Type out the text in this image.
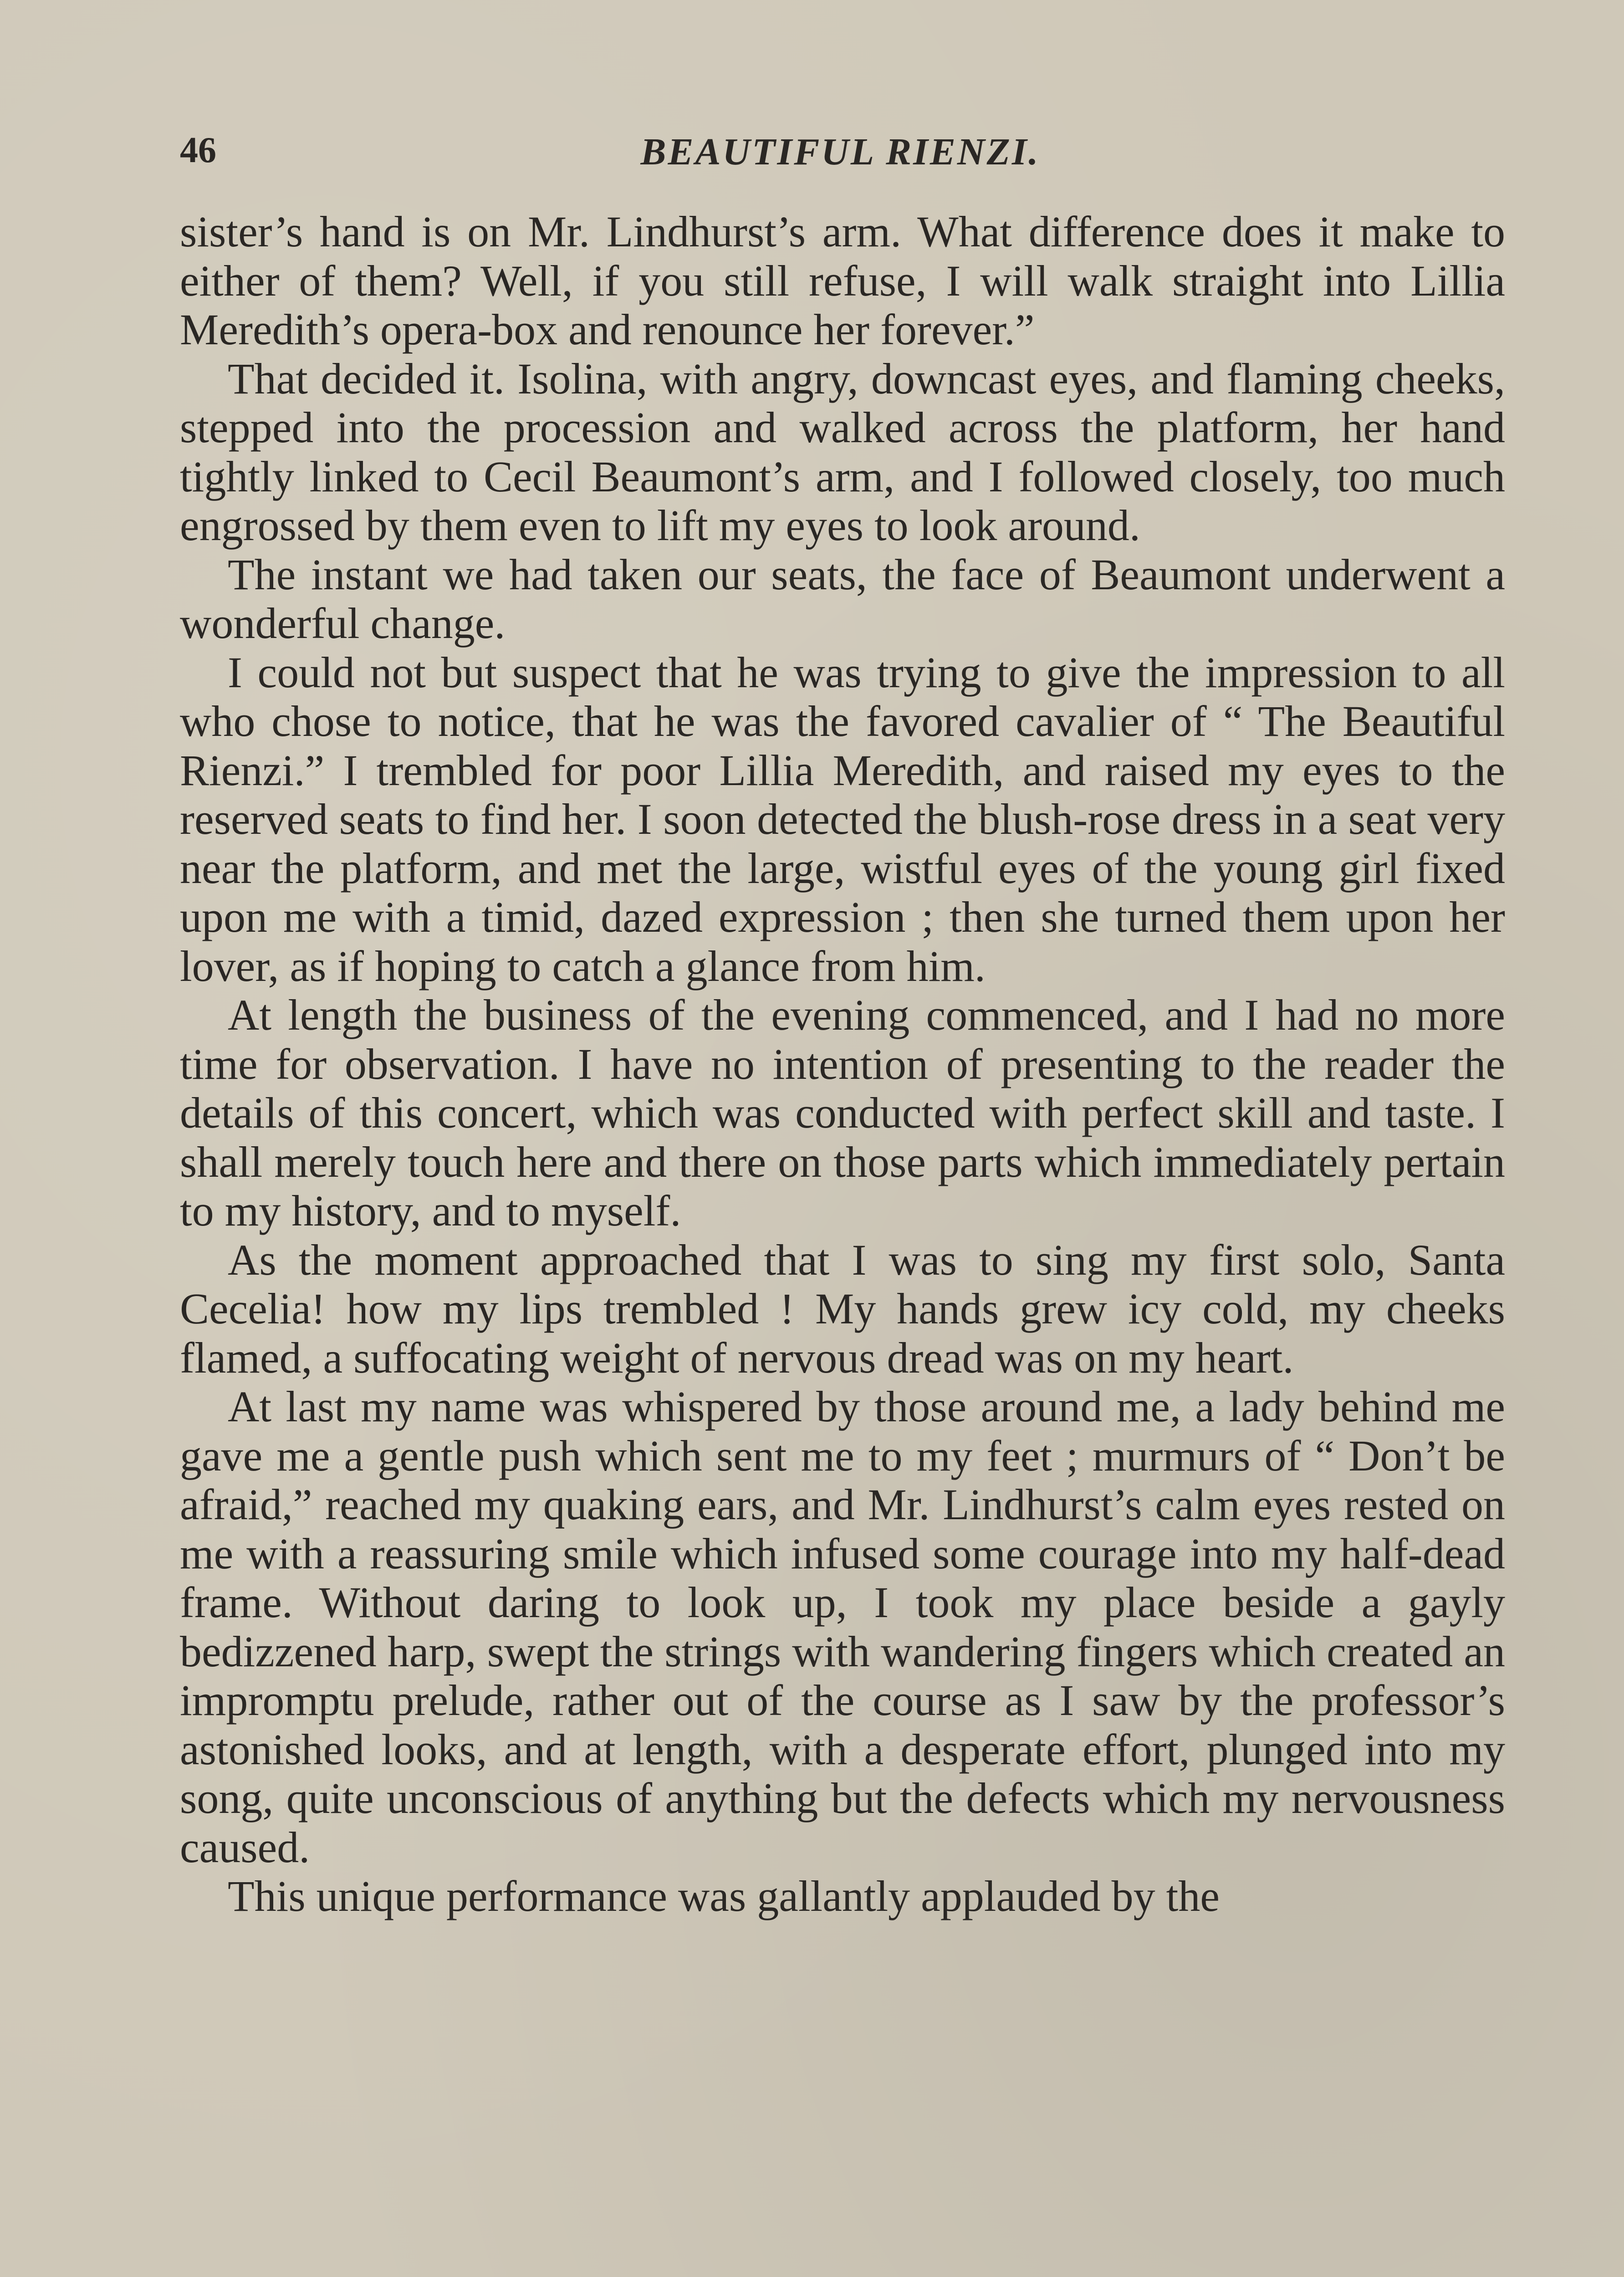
46	BEAUTIFUL RIENZI.

sister’s hand is on Mr. Lindhurst’s arm. What difference does it make to either of them? Well, if you still refuse, I will walk straight into Lillia Meredith’s opera-box and renounce her forever.”

That decided it. Isolina, with angry, downcast eyes, and flaming cheeks, stepped into the procession and walked across the platform, her hand tightly linked to Cecil Beaumont’s arm, and I followed closely, too much engrossed by them even to lift my eyes to look around.

The instant we had taken our seats, the face of Beaumont underwent a wonderful change.

I could not but suspect that he was trying to give the impression to all who chose to notice, that he was the favored cavalier of “ The Beautiful Rienzi.” I trembled for poor Lillia Meredith, and raised my eyes to the reserved seats to find her. I soon detected the blush-rose dress in a seat very near the platform, and met the large, wistful eyes of the young girl fixed upon me with a timid, dazed expression ; then she turned them upon her lover, as if hoping to catch a glance from him.

At length the business of the evening commenced, and I had no more time for observation. I have no intention of presenting to the reader the details of this concert, which was conducted with perfect skill and taste. I shall merely touch here and there on those parts which immediately pertain to my history, and to myself.

As the moment approached that I was to sing my first solo, Santa Cecelia! how my lips trembled ! My hands grew icy cold, my cheeks flamed, a suffocating weight of nervous dread was on my heart.

At last my name was whispered by those around me, a lady behind me gave me a gentle push which sent me to my feet ; murmurs of “ Don’t be afraid,” reached my quaking ears, and Mr. Lindhurst’s calm eyes rested on me with a reassuring smile which infused some courage into my half-dead frame. Without daring to look up, I took my place beside a gayly bedizzened harp, swept the strings with wandering fingers which created an impromptu prelude, rather out of the course as I saw by the professor’s astonished looks, and at length, with a desperate effort, plunged into my song, quite unconscious of anything but the defects which my nervousness caused.

This unique performance was gallantly applauded by the
